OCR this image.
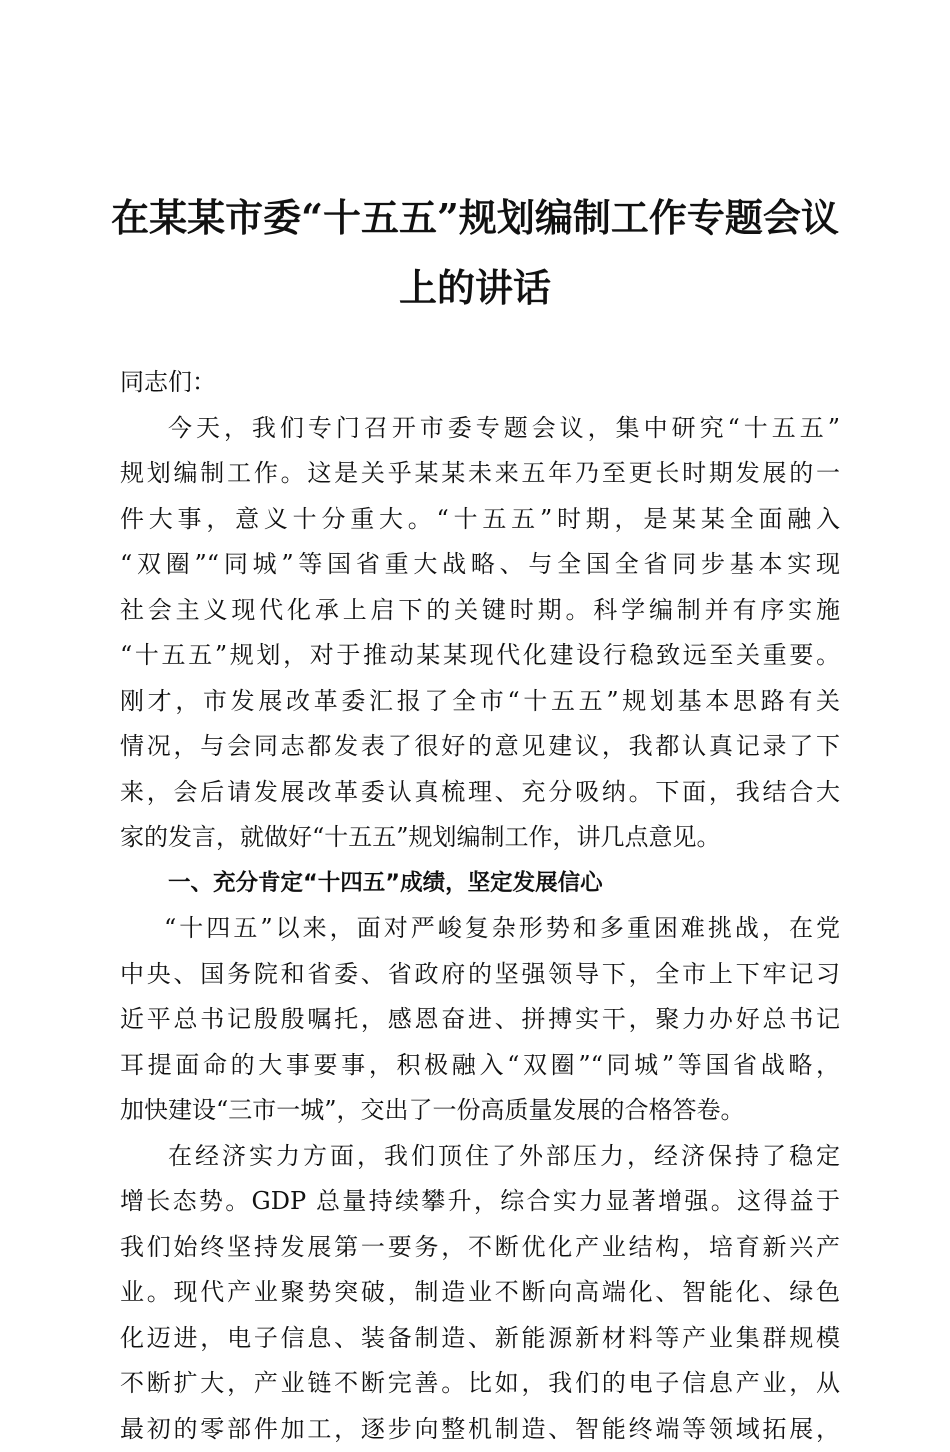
在某某市委“十五五”规划编制工作专题会议
上的讲话
同志们：
今天，我们专门召开市委专题会议，集中研究“十五五”
规划编制工作。这是关乎某某未来五年乃至更长时期发展的一
件大事，意义十分重大。“十五五”时期，是某某全面融入
“双圈”“同城”等国省重大战略、与全国全省同步基本实现
社会主义现代化承上启下的关键时期。科学编制并有序实施
“十五五”规划，对于推动某某现代化建设行稳致远至关重要。
刚才，市发展改革委汇报了全市“十五五”规划基本思路有关
情况，与会同志都发表了很好的意见建议，我都认真记录了下
来，会后请发展改革委认真梳理、充分吸纳。下面，我结合大
家的发言，就做好“十五五”规划编制工作，讲几点意见。
一、充分肯定“十四五”成绩，坚定发展信心
“十四五”以来，面对严峻复杂形势和多重困难挑战，在党
中央、国务院和省委、省政府的坚强领导下，全市上下牢记习
近平总书记殷殷嘱托，感恩奋进、拼搏实干，聚力办好总书记
耳提面命的大事要事，积极融入“双圈”“同城”等国省战略，
加快建设“三市一城”，交出了一份高质量发展的合格答卷。
在经济实力方面，我们顶住了外部压力，经济保持了稳定
增长态势。GDP 总量持续攀升，综合实力显著增强。这得益于
我们始终坚持发展第一要务，不断优化产业结构，培育新兴产
业。现代产业聚势突破，制造业不断向高端化、智能化、绿色
化迈进，电子信息、装备制造、新能源新材料等产业集群规模
不断扩大，产业链不断完善。比如，我们的电子信息产业，从
最初的零部件加工，逐步向整机制造、智能终端等领域拓展，
